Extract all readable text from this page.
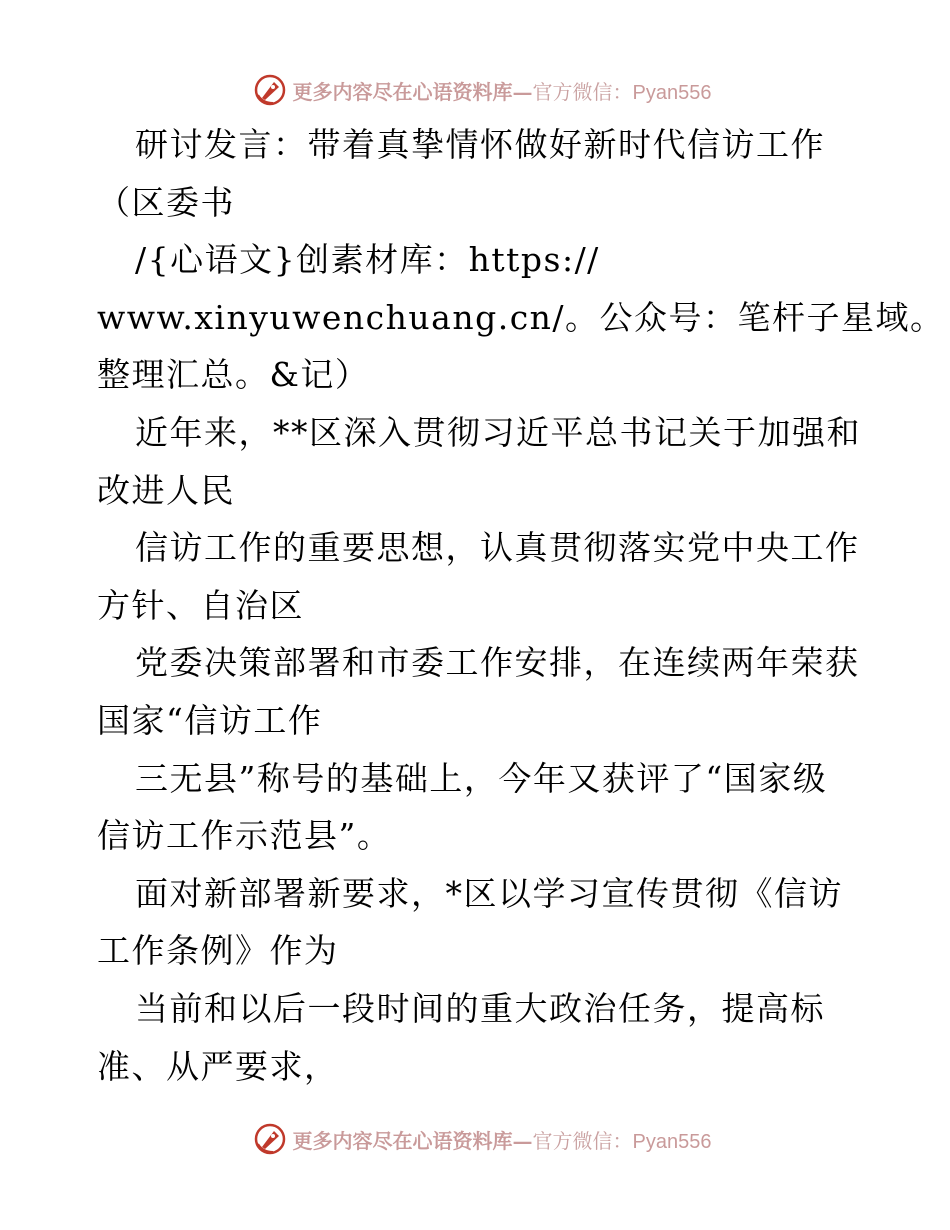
更多内容尽在心语资料库—官方微信：Pyan556
研讨发言：带着真挚情怀做好新时代信访工作
（区委书
/{心语文}创素材库：https://
www.xinyuwenchuang.cn/。公众号：笔杆子星域。
整理汇总。&记）
近年来，**区深入贯彻习近平总书记关于加强和
改进人民
信访工作的重要思想，认真贯彻落实党中央工作
方针、自治区
党委决策部署和市委工作安排，在连续两年荣获
国家“信访工作
三无县”称号的基础上，今年又获评了“国家级
信访工作示范县”。
面对新部署新要求，*区以学习宣传贯彻《信访
工作条例》作为
当前和以后一段时间的重大政治任务，提高标
准、从严要求，
更多内容尽在心语资料库—官方微信：Pyan556
